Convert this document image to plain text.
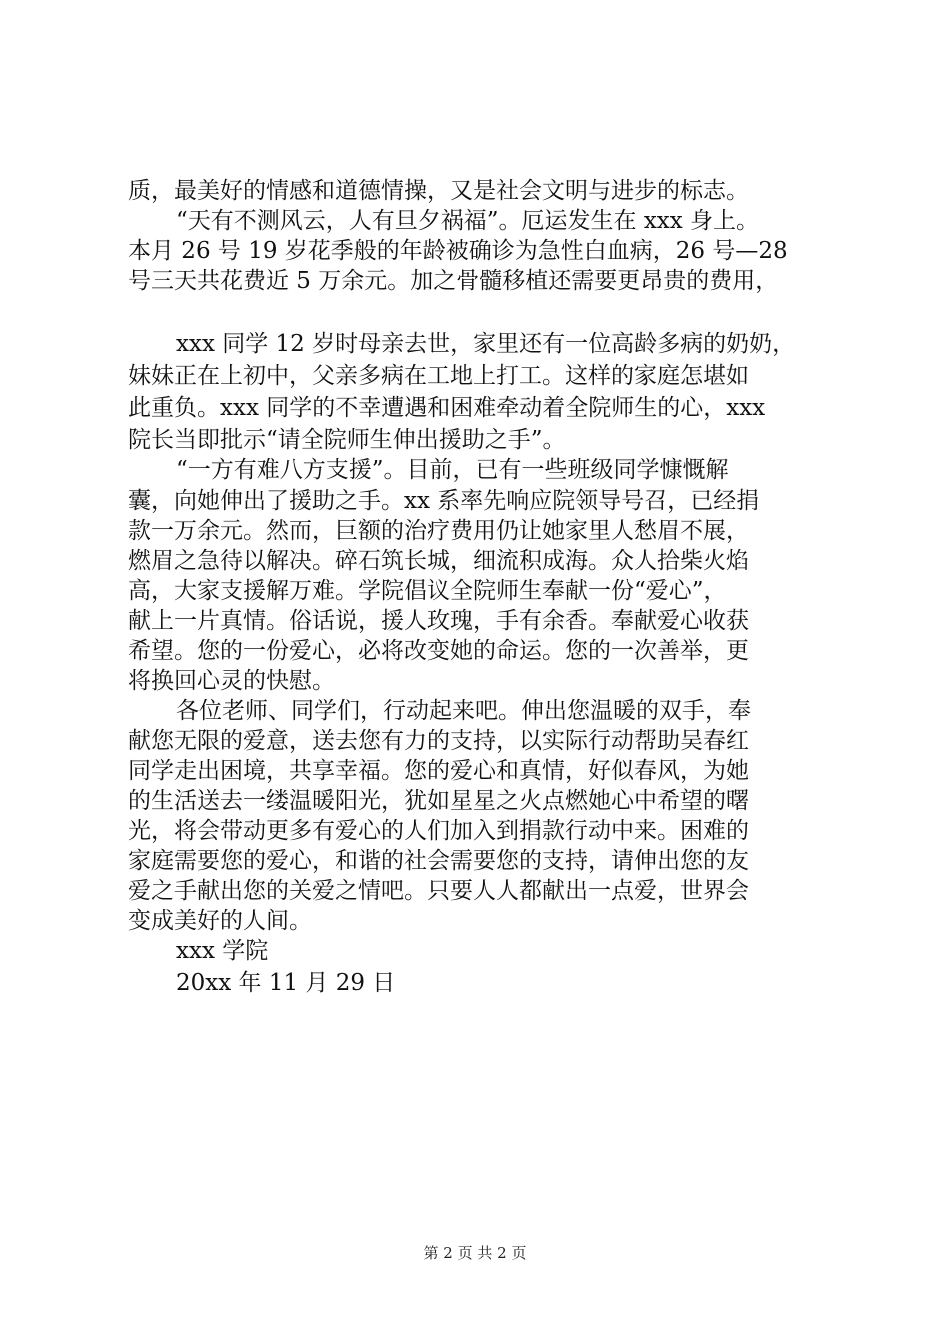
质，最美好的情感和道德情操，又是社会文明与进步的标志。
“天有不测风云，人有旦夕祸福”。厄运发生在 xxx 身上。
本月 26 号 19 岁花季般的年龄被确诊为急性白血病，26 号—28
号三天共花费近 5 万余元。加之骨髓移植还需要更昂贵的费用，
xxx 同学 12 岁时母亲去世，家里还有一位高龄多病的奶奶，
妹妹正在上初中，父亲多病在工地上打工。这样的家庭怎堪如
此重负。xxx 同学的不幸遭遇和困难牵动着全院师生的心，xxx
院长当即批示“请全院师生伸出援助之手”。
“一方有难八方支援”。目前，已有一些班级同学慷慨解
囊，向她伸出了援助之手。xx 系率先响应院领导号召，已经捐
款一万余元。然而，巨额的治疗费用仍让她家里人愁眉不展，
燃眉之急待以解决。碎石筑长城，细流积成海。众人拾柴火焰
高，大家支援解万难。学院倡议全院师生奉献一份“爱心”，
献上一片真情。俗话说，援人玫瑰，手有余香。奉献爱心收获
希望。您的一份爱心，必将改变她的命运。您的一次善举，更
将换回心灵的快慰。
各位老师、同学们，行动起来吧。伸出您温暖的双手，奉
献您无限的爱意，送去您有力的支持，以实际行动帮助吴春红
同学走出困境，共享幸福。您的爱心和真情，好似春风，为她
的生活送去一缕温暖阳光，犹如星星之火点燃她心中希望的曙
光，将会带动更多有爱心的人们加入到捐款行动中来。困难的
家庭需要您的爱心，和谐的社会需要您的支持，请伸出您的友
爱之手献出您的关爱之情吧。只要人人都献出一点爱，世界会
变成美好的人间。
xxx 学院
20xx 年 11 月 29 日
第 2 页 共 2 页
